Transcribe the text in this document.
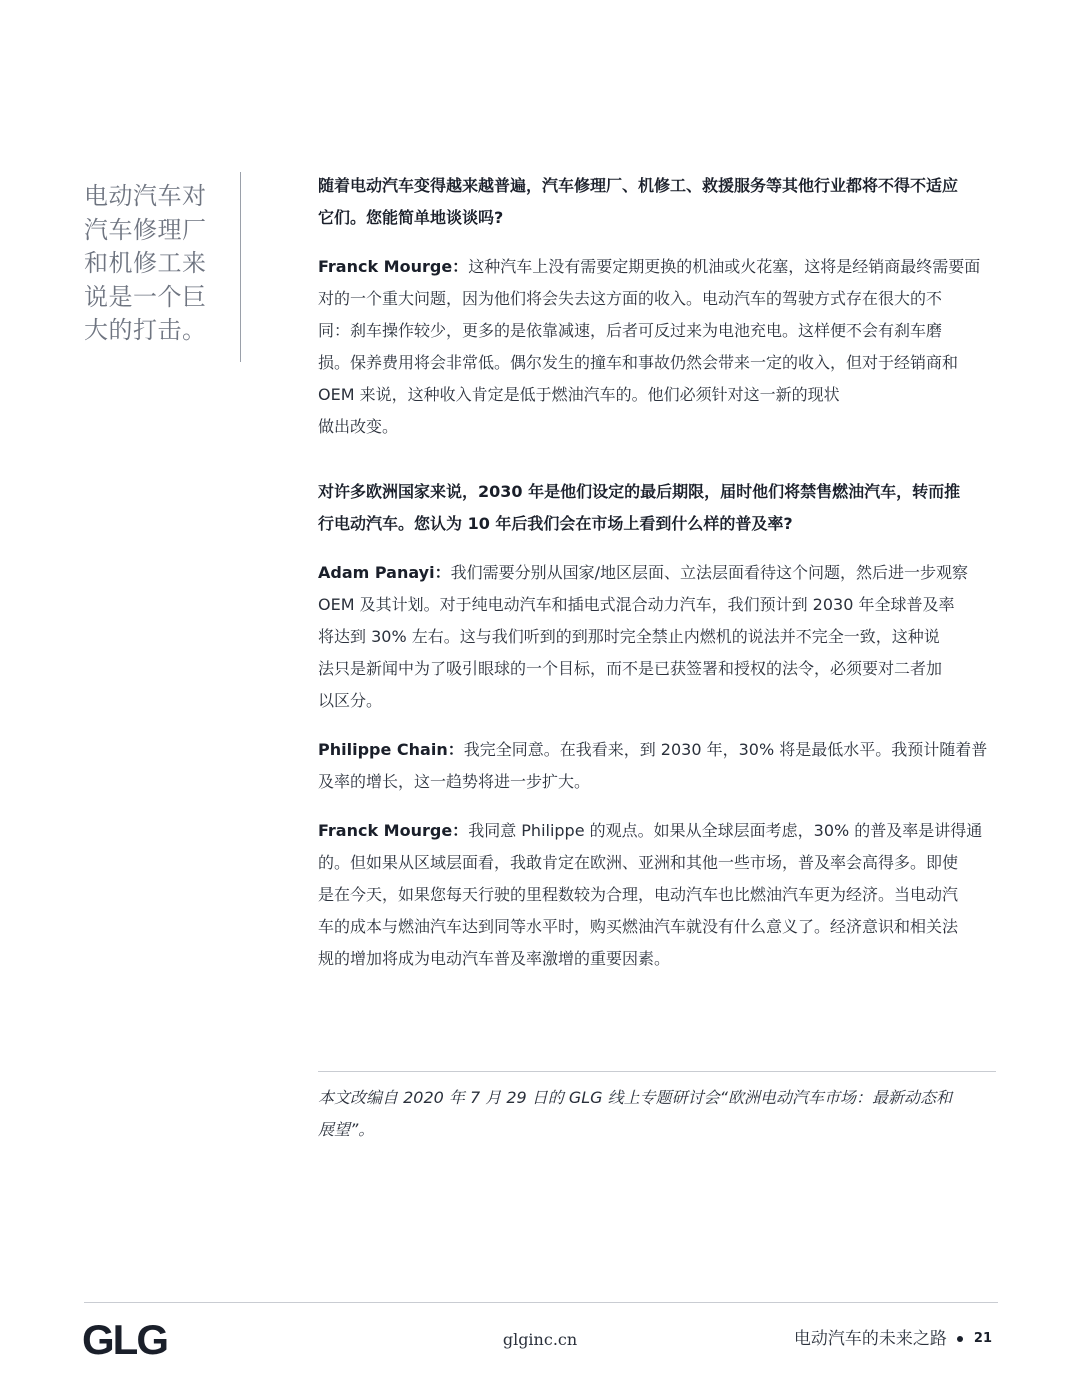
电动汽车对
汽车修理厂
和机修工来
说是一个巨
大的打击。

随着电动汽车变得越来越普遍，汽车修理厂、机修工、救援服务等其他行业都将不得不适应
它们。您能简单地谈谈吗?

Franck Mourge：这种汽车上没有需要定期更换的机油或火花塞，这将是经销商最终需要面
对的一个重大问题，因为他们将会失去这方面的收入。电动汽车的驾驶方式存在很大的不
同：刹车操作较少，更多的是依靠减速，后者可反过来为电池充电。这样便不会有刹车磨
损。保养费用将会非常低。偶尔发生的撞车和事故仍然会带来一定的收入，但对于经销商和
OEM 来说，这种收入肯定是低于燃油汽车的。他们必须针对这一新的现状
做出改变。

对许多欧洲国家来说，2030 年是他们设定的最后期限，届时他们将禁售燃油汽车，转而推
行电动汽车。您认为 10 年后我们会在市场上看到什么样的普及率?

Adam Panayi：我们需要分别从国家/地区层面、立法层面看待这个问题，然后进一步观察
OEM 及其计划。对于纯电动汽车和插电式混合动力汽车，我们预计到 2030 年全球普及率
将达到 30% 左右。这与我们听到的到那时完全禁止内燃机的说法并不完全一致，这种说
法只是新闻中为了吸引眼球的一个目标，而不是已获签署和授权的法令，必须要对二者加
以区分。

Philippe Chain：我完全同意。在我看来，到 2030 年，30% 将是最低水平。我预计随着普
及率的增长，这一趋势将进一步扩大。

Franck Mourge：我同意 Philippe 的观点。如果从全球层面考虑，30% 的普及率是讲得通
的。但如果从区域层面看，我敢肯定在欧洲、亚洲和其他一些市场，普及率会高得多。即使
是在今天，如果您每天行驶的里程数较为合理，电动汽车也比燃油汽车更为经济。当电动汽
车的成本与燃油汽车达到同等水平时，购买燃油汽车就没有什么意义了。经济意识和相关法
规的增加将成为电动汽车普及率激增的重要因素。

本文改编自 2020 年 7 月 29 日的 GLG 线上专题研讨会“欧洲电动汽车市场：最新动态和
展望”。
GLG	glginc.cn	电动汽车的未来之路 21
